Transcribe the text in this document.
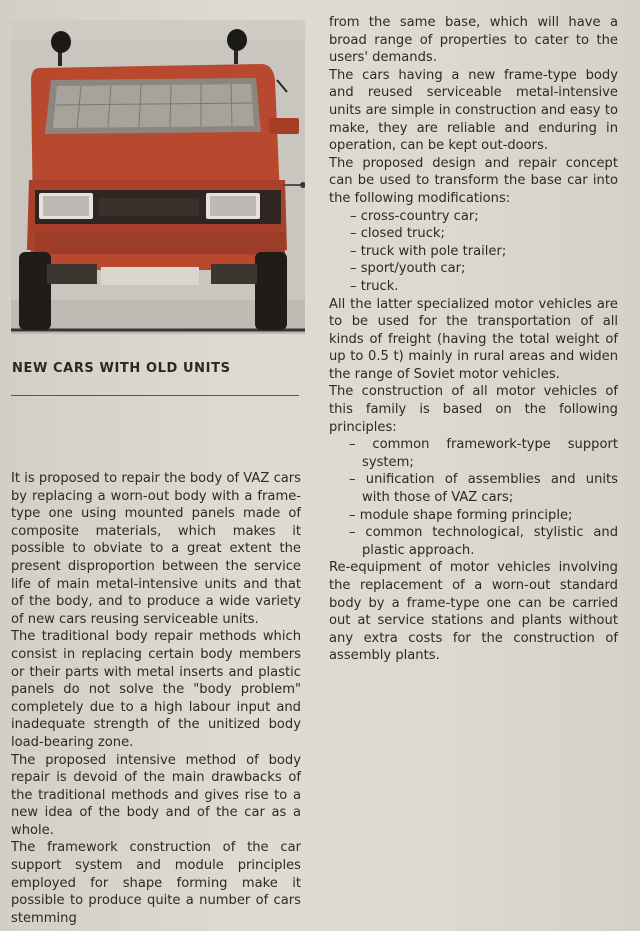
NEW CARS WITH OLD UNITS

It is proposed to repair the body of VAZ cars by replacing a worn-out body with a frame-type one using mounted panels made of composite materials, which makes it possible to obviate to a great extent the present disproportion between the service life of main metal-intensive units and that of the body, and to produce a wide variety of new cars reusing serviceable units.

The traditional body repair methods which consist in replacing certain body members or their parts with metal inserts and plastic panels do not solve the "body problem" completely due to a high labour input and inadequate strength of the unitized body load-bearing zone.

The proposed intensive method of body repair is devoid of the main drawbacks of the traditional methods and gives rise to a new idea of the body and of the car as a whole.

The framework construction of the car support system and module principles employed for shape forming make it possible to produce quite a number of cars stemming

from the same base, which will have a broad range of properties to cater to the users' demands.

The cars having a new frame-type body and reused serviceable metal-intensive units are simple in construction and easy to make, they are reliable and enduring in operation, can be kept out-doors.

The proposed design and repair concept can be used to transform the base car into the following modifications:

– cross-country car;

– closed truck;

– truck with pole trailer;

– sport/youth car;

– truck.

All the latter specialized motor vehicles are to be used for the transportation of all kinds of freight (having the total weight of up to 0.5 t) mainly in rural areas and widen the range of Soviet motor vehicles.

The construction of all motor vehicles of this family is based on the following principles:

– common framework-type support system;

– unification of assemblies and units with those of VAZ cars;

– module shape forming principle;

– common technological, stylistic and plastic approach.

Re-equipment of motor vehicles involving the replacement of a worn-out standard body by a frame-type one can be carried out at service stations and plants without any extra costs for the construction of assembly plants.
